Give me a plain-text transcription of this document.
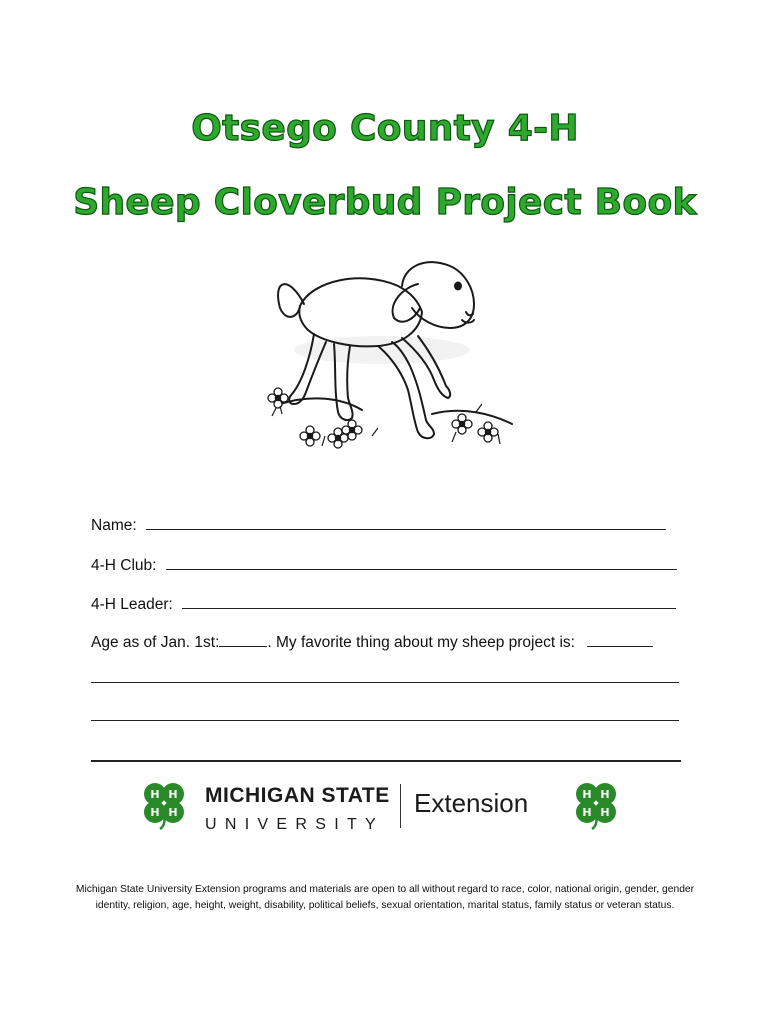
Otsego County 4-H
Sheep Cloverbud Project Book
Name:
4-H Club:
4-H Leader:
Age as of Jan. 1st:	. My favorite thing about my sheep project is:
H H
H H
MICHIGAN STATE
UNIVERSITY
Extension	H H
H H
Michigan State University Extension programs and materials are open to all without regard to race, color, national origin, gender, gender
identity, religion, age, height, weight, disability, political beliefs, sexual orientation, marital status, family status or veteran status.
